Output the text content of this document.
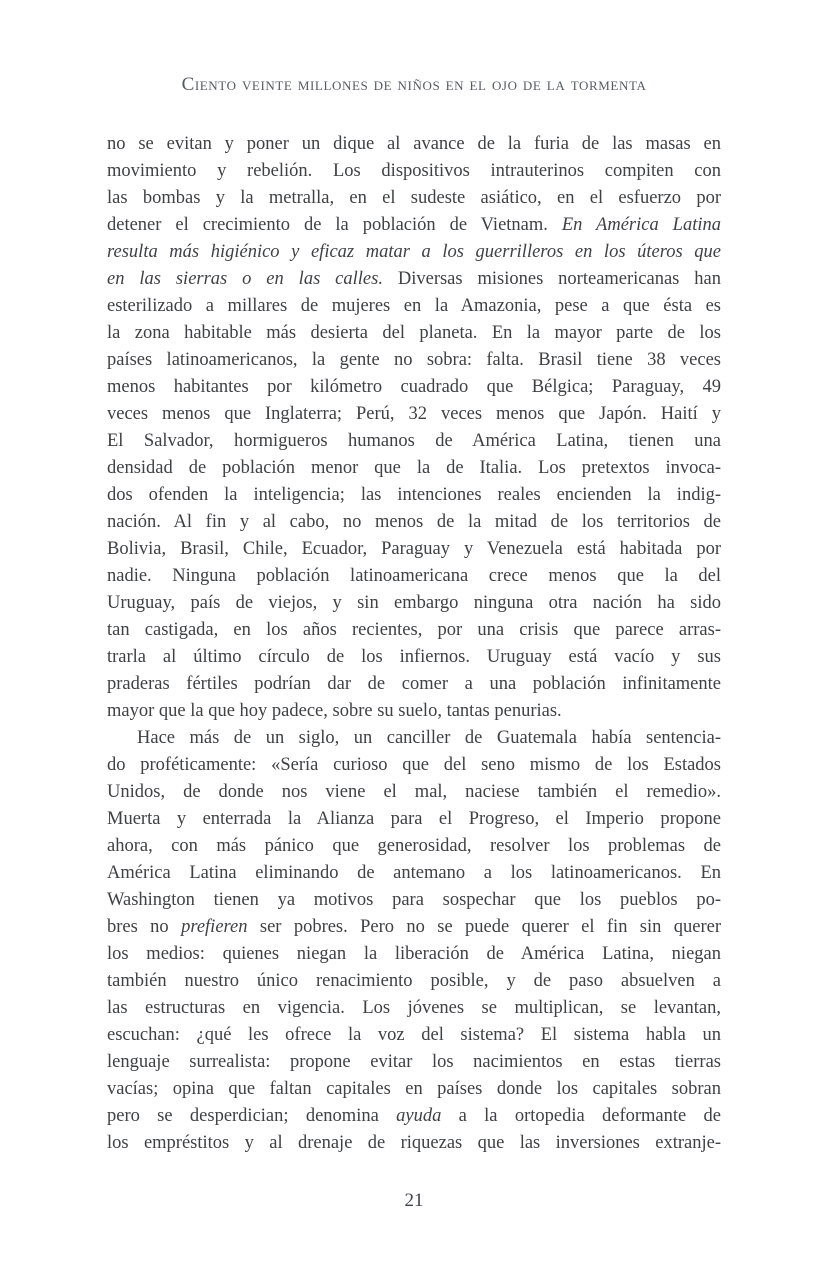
Ciento veinte millones de niños en el ojo de la tormenta
no se evitan y poner un dique al avance de la furia de las masas en
movimiento y rebelión. Los dispositivos intrauterinos compiten con
las bombas y la metralla, en el sudeste asiático, en el esfuerzo por
detener el crecimiento de la población de Vietnam. En América Latina
resulta más higiénico y eficaz matar a los guerrilleros en los úteros que
en las sierras o en las calles. Diversas misiones norteamericanas han
esterilizado a millares de mujeres en la Amazonia, pese a que ésta es
la zona habitable más desierta del planeta. En la mayor parte de los
países latinoamericanos, la gente no sobra: falta. Brasil tiene 38 veces
menos habitantes por kilómetro cuadrado que Bélgica; Paraguay, 49
veces menos que Inglaterra; Perú, 32 veces menos que Japón. Haití y
El Salvador, hormigueros humanos de América Latina, tienen una
densidad de población menor que la de Italia. Los pretextos invoca-
dos ofenden la inteligencia; las intenciones reales encienden la indig-
nación. Al fin y al cabo, no menos de la mitad de los territorios de
Bolivia, Brasil, Chile, Ecuador, Paraguay y Venezuela está habitada por
nadie. Ninguna población latinoamericana crece menos que la del
Uruguay, país de viejos, y sin embargo ninguna otra nación ha sido
tan castigada, en los años recientes, por una crisis que parece arras-
trarla al último círculo de los infiernos. Uruguay está vacío y sus
praderas fértiles podrían dar de comer a una población infinitamente
mayor que la que hoy padece, sobre su suelo, tantas penurias.
Hace más de un siglo, un canciller de Guatemala había sentencia-
do proféticamente: «Sería curioso que del seno mismo de los Estados
Unidos, de donde nos viene el mal, naciese también el remedio».
Muerta y enterrada la Alianza para el Progreso, el Imperio propone
ahora, con más pánico que generosidad, resolver los problemas de
América Latina eliminando de antemano a los latinoamericanos. En
Washington tienen ya motivos para sospechar que los pueblos po-
bres no prefieren ser pobres. Pero no se puede querer el fin sin querer
los medios: quienes niegan la liberación de América Latina, niegan
también nuestro único renacimiento posible, y de paso absuelven a
las estructuras en vigencia. Los jóvenes se multiplican, se levantan,
escuchan: ¿qué les ofrece la voz del sistema? El sistema habla un
lenguaje surrealista: propone evitar los nacimientos en estas tierras
vacías; opina que faltan capitales en países donde los capitales sobran
pero se desperdician; denomina ayuda a la ortopedia deformante de
los empréstitos y al drenaje de riquezas que las inversiones extranje-
21
